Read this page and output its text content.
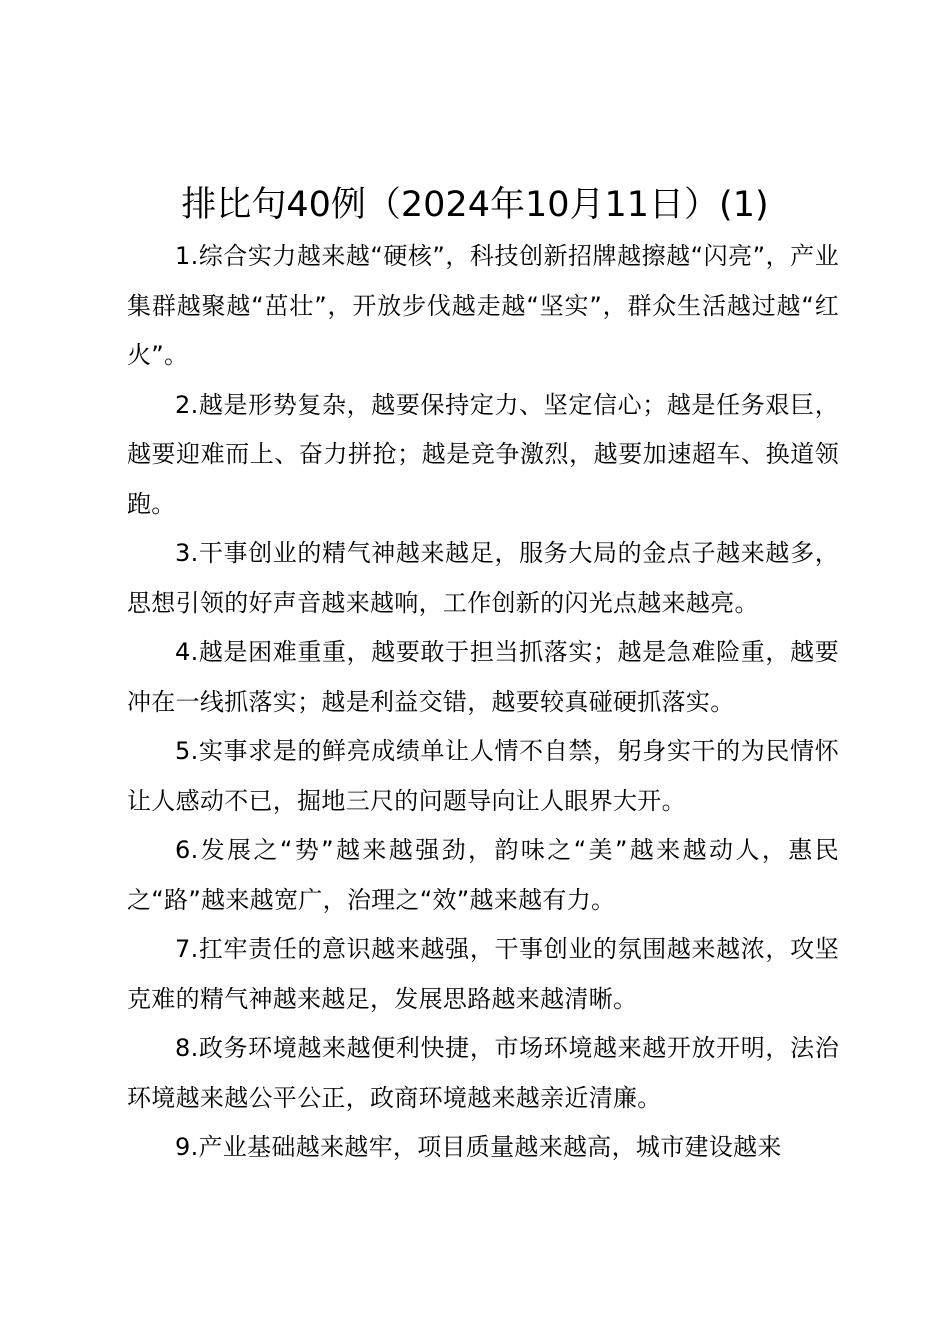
排比句40例（2024年10月11日）(1)

1.综合实力越来越“硬核”，科技创新招牌越擦越“闪亮”，产业集群越聚越“茁壮”，开放步伐越走越“坚实”，群众生活越过越“红火”。

2.越是形势复杂，越要保持定力、坚定信心；越是任务艰巨，越要迎难而上、奋力拼抢；越是竞争激烈，越要加速超车、换道领跑。

3.干事创业的精气神越来越足，服务大局的金点子越来越多，思想引领的好声音越来越响，工作创新的闪光点越来越亮。

4.越是困难重重，越要敢于担当抓落实；越是急难险重，越要冲在一线抓落实；越是利益交错，越要较真碰硬抓落实。

5.实事求是的鲜亮成绩单让人情不自禁，躬身实干的为民情怀让人感动不已，掘地三尺的问题导向让人眼界大开。

6.发展之“势”越来越强劲，韵味之“美”越来越动人，惠民之“路”越来越宽广，治理之“效”越来越有力。

7.扛牢责任的意识越来越强，干事创业的氛围越来越浓，攻坚克难的精气神越来越足，发展思路越来越清晰。

8.政务环境越来越便利快捷，市场环境越来越开放开明，法治环境越来越公平公正，政商环境越来越亲近清廉。

9.产业基础越来越牢，项目质量越来越高，城市建设越来
